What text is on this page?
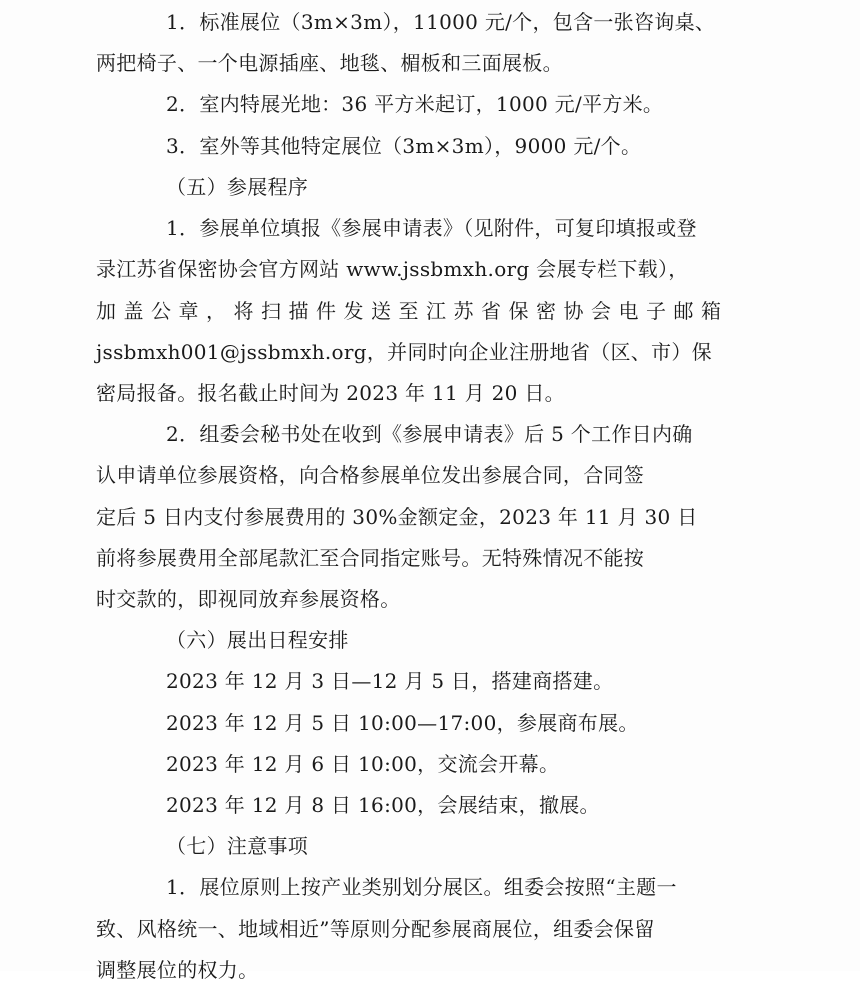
1．标准展位（3m×3m），11000 元/个，包含一张咨询桌、
两把椅子、一个电源插座、地毯、楣板和三面展板。
2．室内特展光地：36 平方米起订，1000 元/平方米。
3．室外等其他特定展位（3m×3m），9000 元/个。
（五）参展程序
1．参展单位填报《参展申请表》（见附件，可复印填报或登
录江苏省保密协会官方网站 www.jssbmxh.org 会展专栏下载），
加盖公章，将扫描件发送至江苏省保密协会电子邮箱
jssbmxh001@jssbmxh.org，并同时向企业注册地省（区、市）保
密局报备。报名截止时间为 2023 年 11 月 20 日。
2．组委会秘书处在收到《参展申请表》后 5 个工作日内确
认申请单位参展资格，向合格参展单位发出参展合同，合同签
定后 5 日内支付参展费用的 30%金额定金，2023 年 11 月 30 日
前将参展费用全部尾款汇至合同指定账号。无特殊情况不能按
时交款的，即视同放弃参展资格。
（六）展出日程安排
2023 年 12 月 3 日—12 月 5 日，搭建商搭建。
2023 年 12 月 5 日 10:00—17:00，参展商布展。
2023 年 12 月 6 日 10:00，交流会开幕。
2023 年 12 月 8 日 16:00，会展结束，撤展。
（七）注意事项
1．展位原则上按产业类别划分展区。组委会按照“主题一
致、风格统一、地域相近”等原则分配参展商展位，组委会保留
调整展位的权力。
